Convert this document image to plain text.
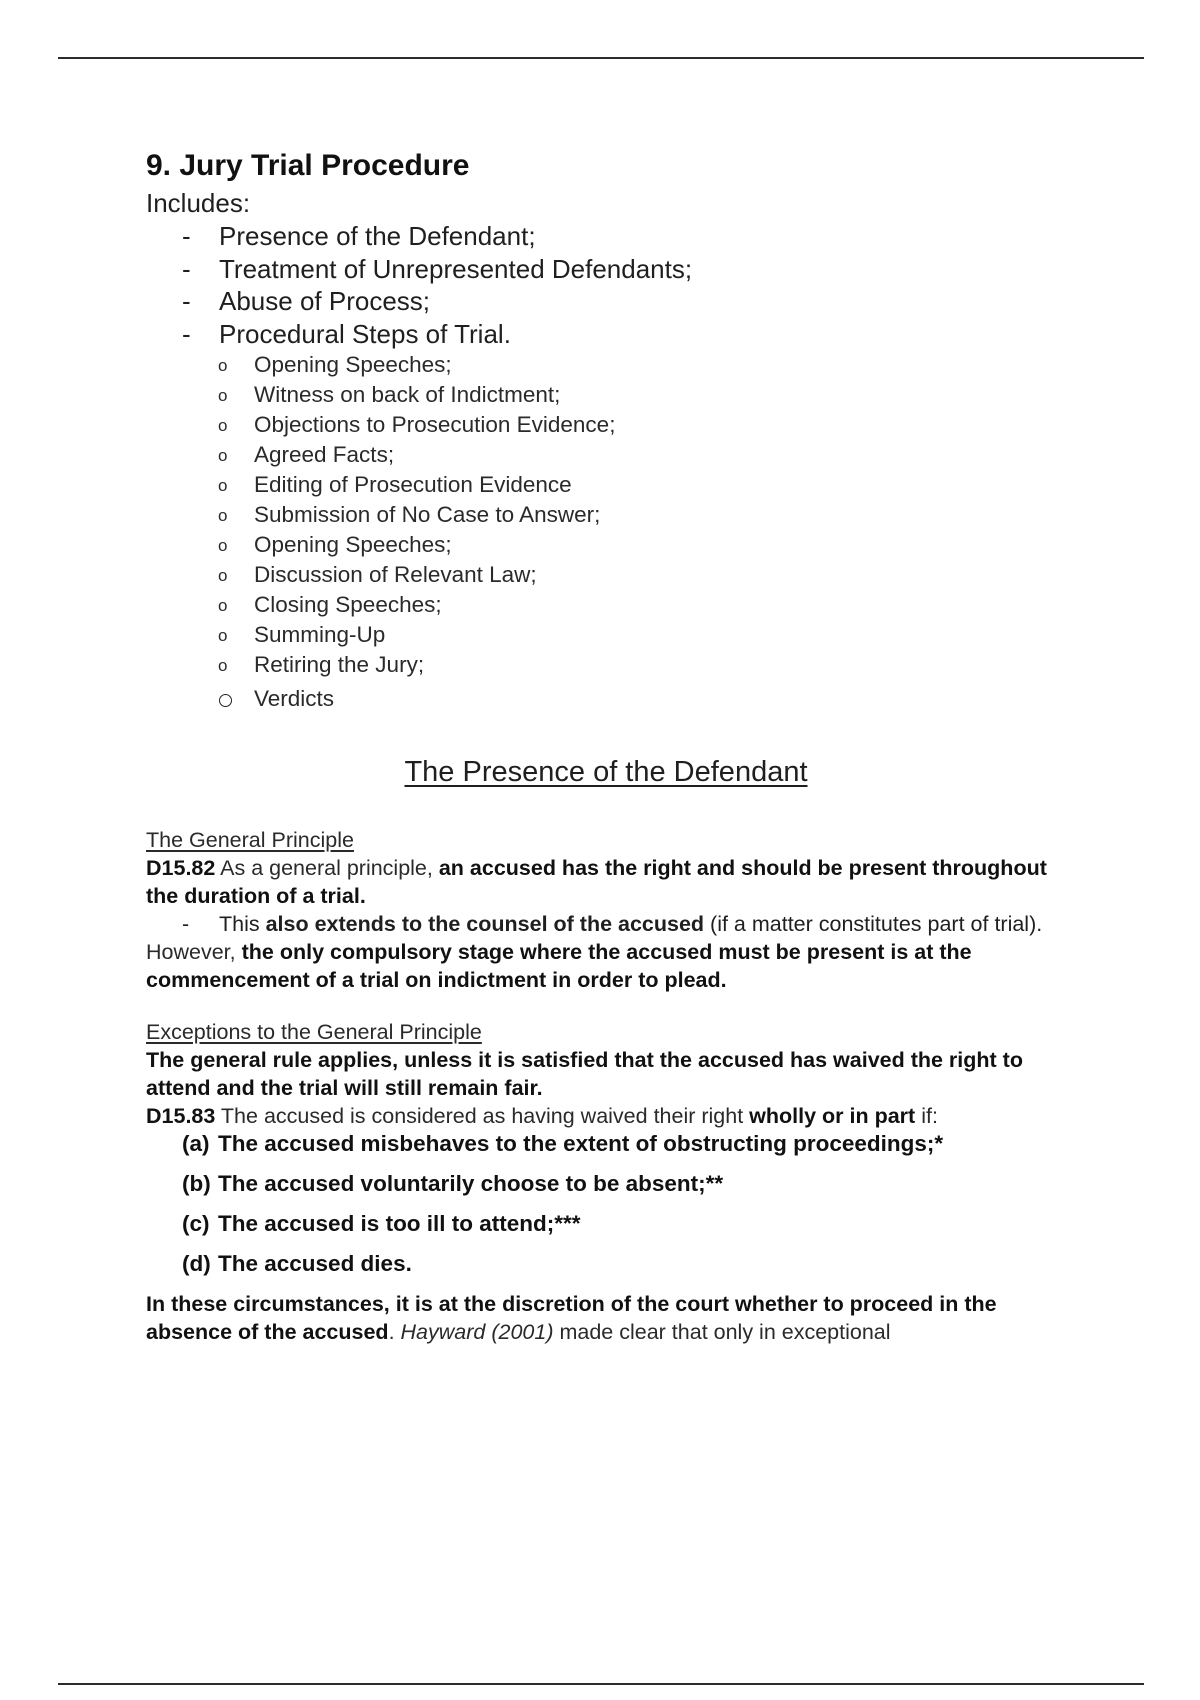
9. Jury Trial Procedure

Includes:

- Presence of the Defendant;
- Treatment of Unrepresented Defendants;
- Abuse of Process;
- Procedural Steps of Trial.
o Opening Speeches;
o Witness on back of Indictment;
o Objections to Prosecution Evidence;
o Agreed Facts;
o Editing of Prosecution Evidence
o Submission of No Case to Answer;
o Opening Speeches;
o Discussion of Relevant Law;
o Closing Speeches;
o Summing-Up
o Retiring the Jury;
Verdicts
The Presence of the Defendant

The General Principle

D15.82 As a general principle, an accused has the right and should be present throughout the duration of a trial.

- This also extends to the counsel of the accused (if a matter constitutes part of trial).

However, the only compulsory stage where the accused must be present is at the commencement of a trial on indictment in order to plead.

Exceptions to the General Principle

The general rule applies, unless it is satisfied that the accused has waived the right to attend and the trial will still remain fair.

D15.83 The accused is considered as having waived their right wholly or in part if:

(a) The accused misbehaves to the extent of obstructing proceedings;*
(b) The accused voluntarily choose to be absent;**
(c) The accused is too ill to attend;***
(d) The accused dies.

In these circumstances, it is at the discretion of the court whether to proceed in the absence of the accused. Hayward (2001) made clear that only in exceptional
